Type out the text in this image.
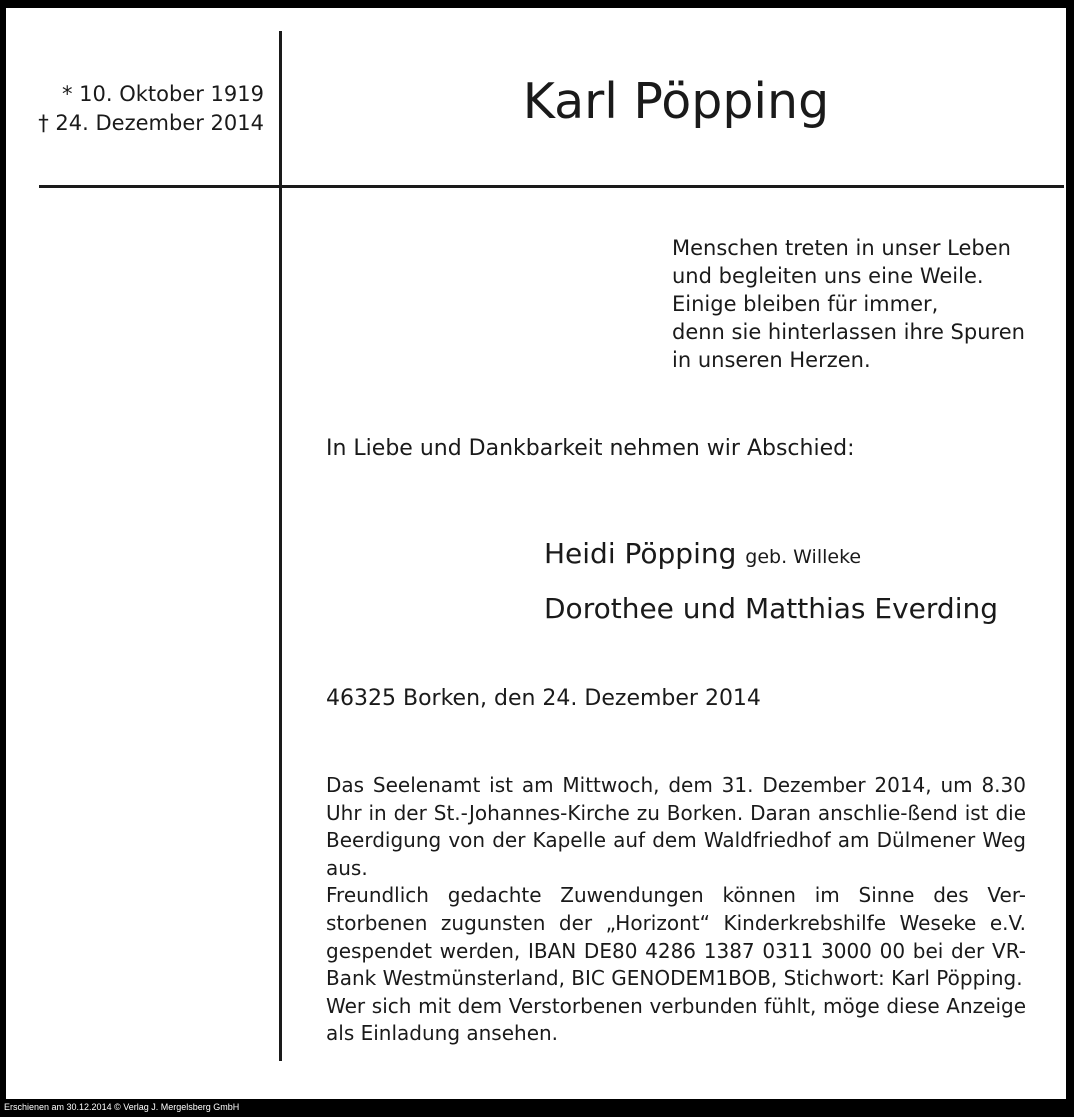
* 10. Oktober 1919
† 24. Dezember 2014	Karl Pöpping
Menschen treten in unser Leben
und begleiten uns eine Weile.
Einige bleiben für immer,
denn sie hinterlassen ihre Spuren
in unseren Herzen.
In Liebe und Dankbarkeit nehmen wir Abschied:
Heidi Pöpping geb. Willeke
Dorothee und Matthias Everding
46325 Borken, den 24. Dezember 2014

Das Seelenamt ist am Mittwoch, dem 31. Dezember 2014, um 8.30 Uhr in der St.-Johannes-Kirche zu Borken. Daran anschlie-ßend ist die Beerdigung von der Kapelle auf dem Waldfriedhof am Dülmener Weg aus.

Freundlich gedachte Zuwendungen können im Sinne des Ver-storbenen zugunsten der „Horizont“ Kinderkrebshilfe Weseke e.V. gespendet werden, IBAN DE80 4286 1387 0311 3000 00 bei der VR-Bank Westmünsterland, BIC GENODEM1BOB, Stichwort: Karl Pöpping.

Wer sich mit dem Verstorbenen verbunden fühlt, möge diese Anzeige als Einladung ansehen.

Erschienen am 30.12.2014 © Verlag J. Mergelsberg GmbH
